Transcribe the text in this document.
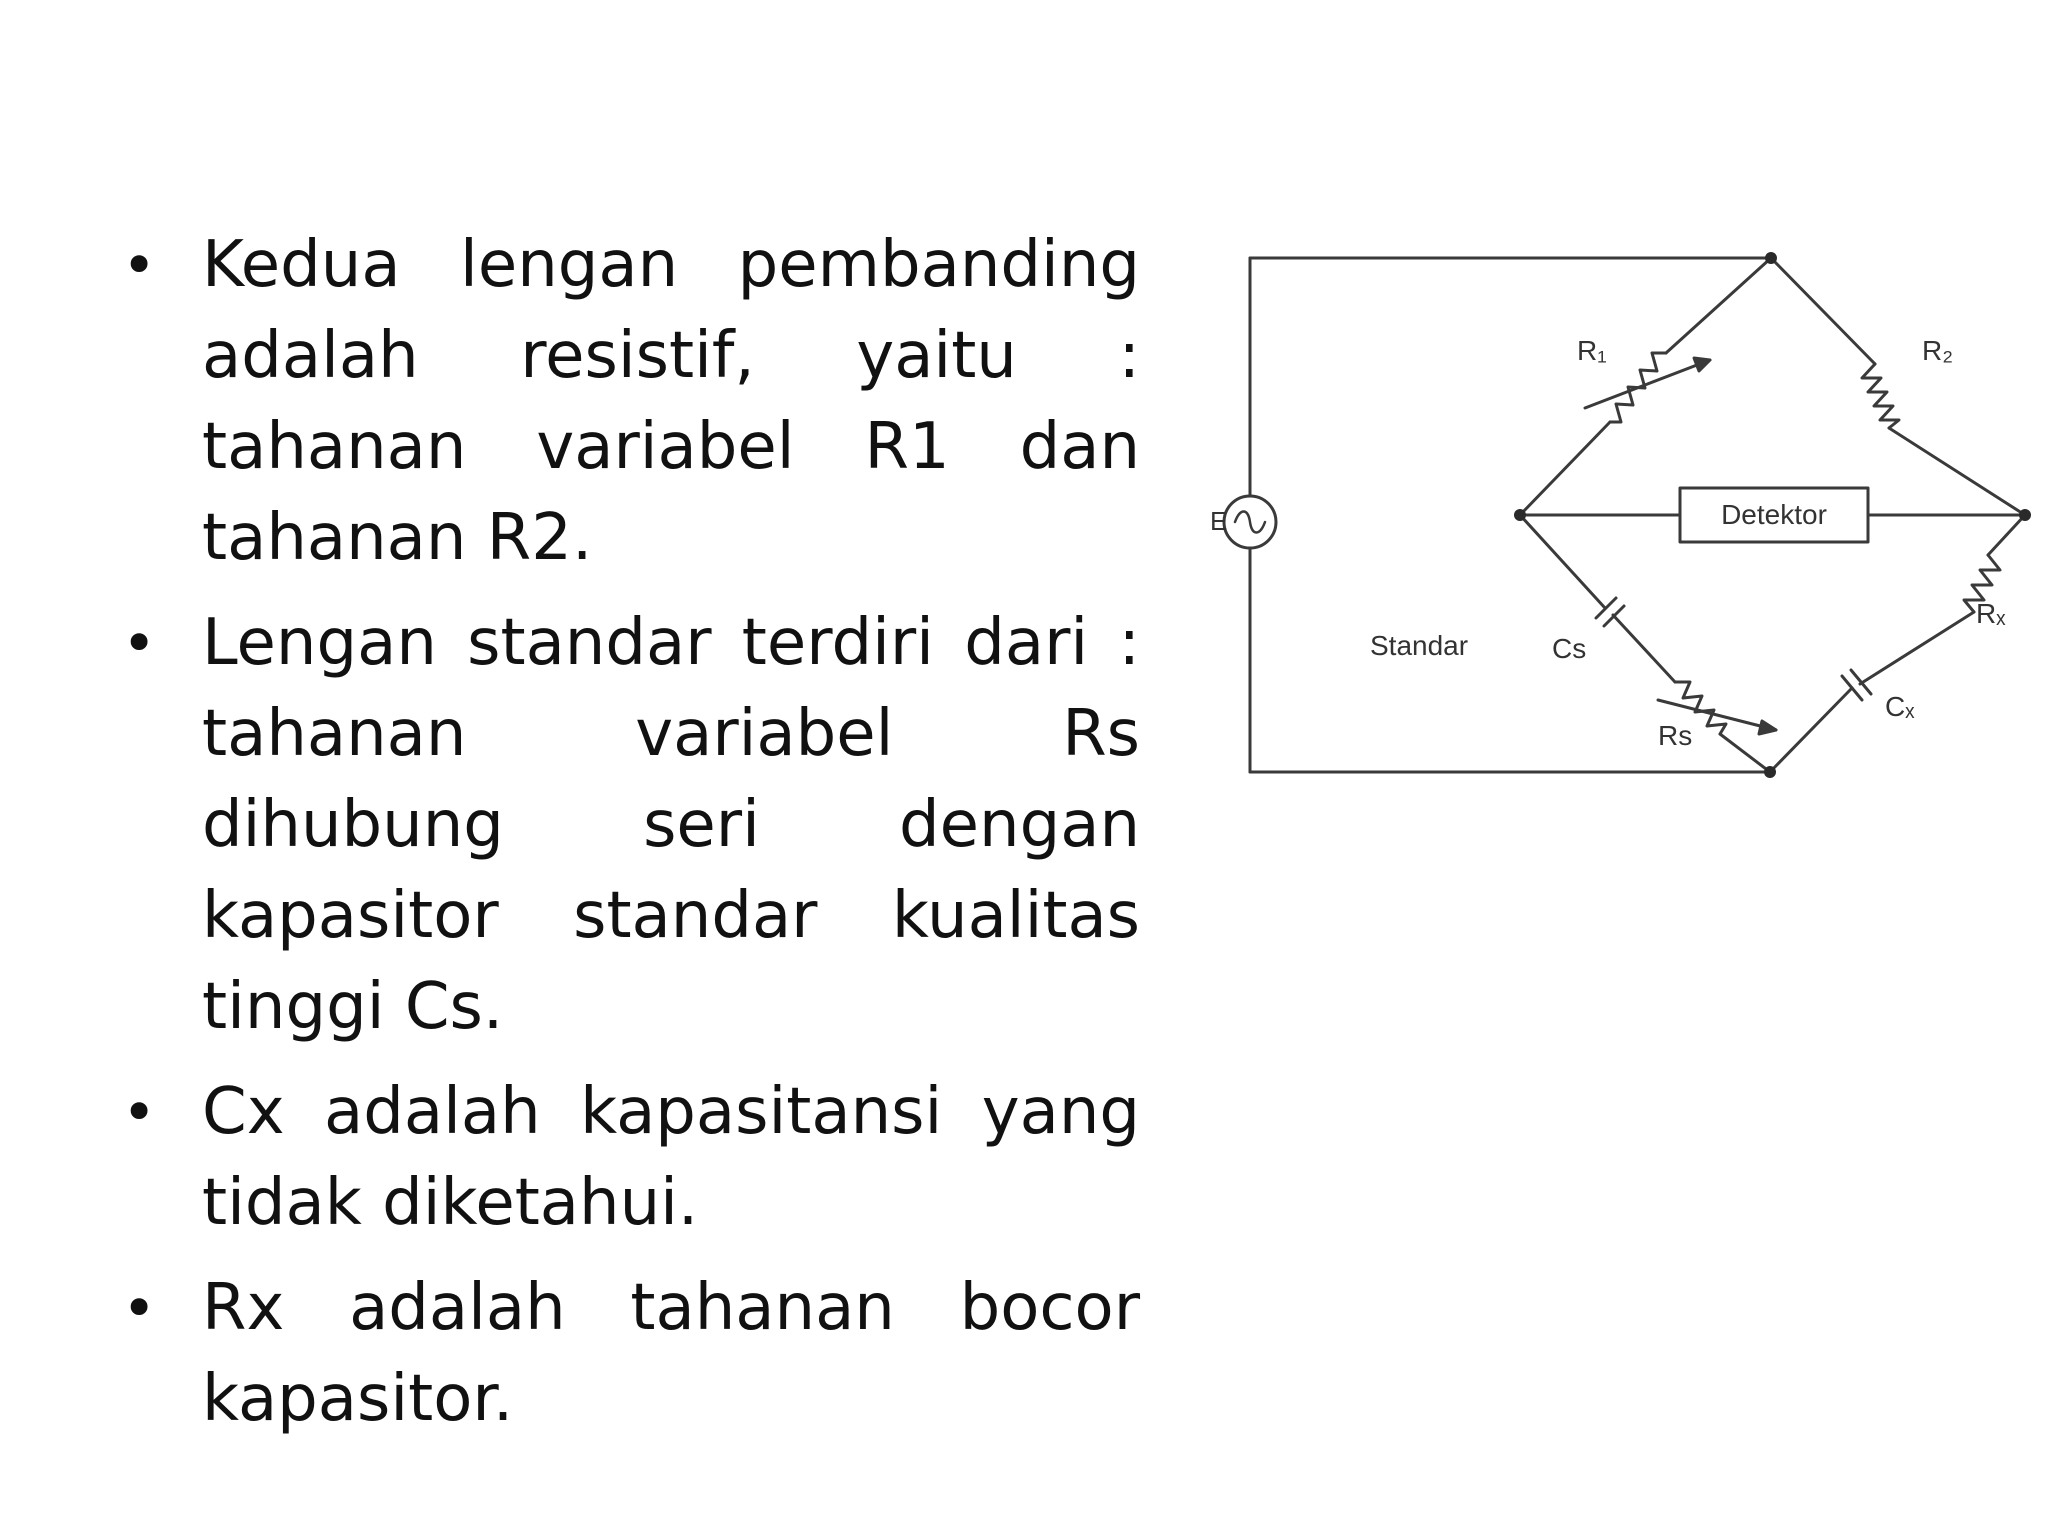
• Kedua lengan pembanding adalah resistif, yaitu : tahanan variabel R1 dan tahanan R2.
• Lengan standar terdiri dari : tahanan variabel Rs dihubung seri dengan kapasitor standar kualitas tinggi Cs.
• Cx adalah kapasitansi yang tidak diketahui.
• Rx adalah tahanan bocor kapasitor.
E
R₁	R₂
Detektor
Cs
Rs
Rₓ
Cₓ
Standar
